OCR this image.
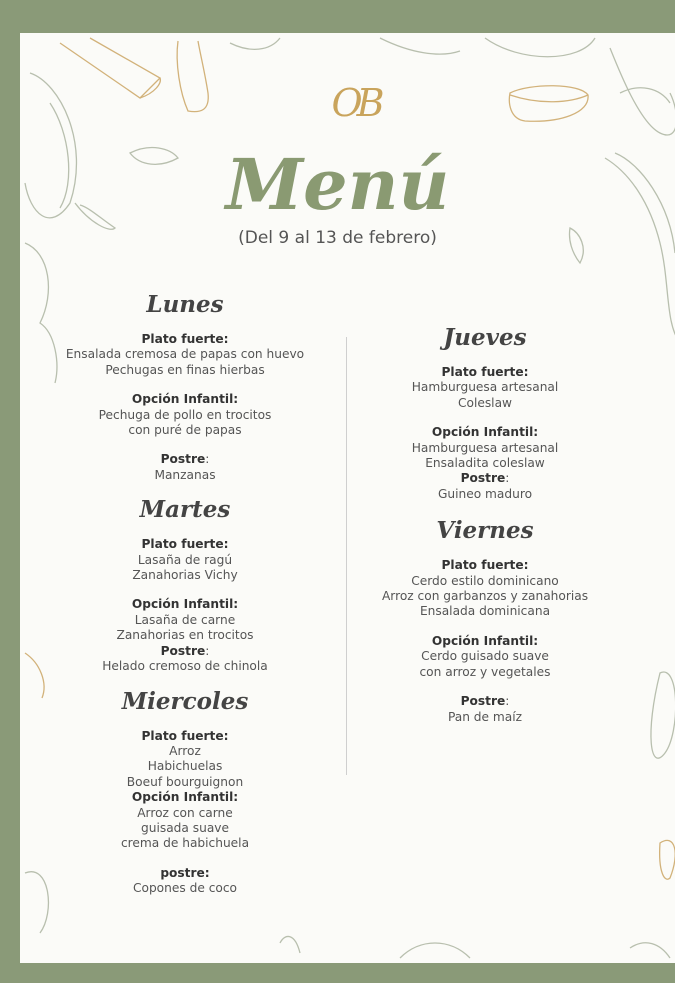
OB
Menú
(Del 9 al 13 de febrero)
Lunes
Plato fuerte:
Ensalada cremosa de papas con huevo
Pechugas en finas hierbas
Opción Infantil:
Pechuga de pollo en trocitos
con puré de papas
Postre:
Manzanas
Martes
Plato fuerte:
Lasaña de ragú
Zanahorias Vichy
Opción Infantil:
Lasaña de carne
Zanahorias en trocitos
Postre:
Helado cremoso de chinola
Miercoles
Plato fuerte:
Arroz
Habichuelas
Boeuf bourguignon
Opción Infantil:
Arroz con carne
guisada suave
crema de habichuela
postre:
Copones de coco
Jueves
Plato fuerte:
Hamburguesa artesanal
Coleslaw
Opción Infantil:
Hamburguesa artesanal
Ensaladita coleslaw
Postre:
Guineo maduro
Viernes
Plato fuerte:
Cerdo estilo dominicano
Arroz con garbanzos y zanahorias
Ensalada dominicana
Opción Infantil:
Cerdo guisado suave
con arroz y vegetales
Postre:
Pan de maíz
